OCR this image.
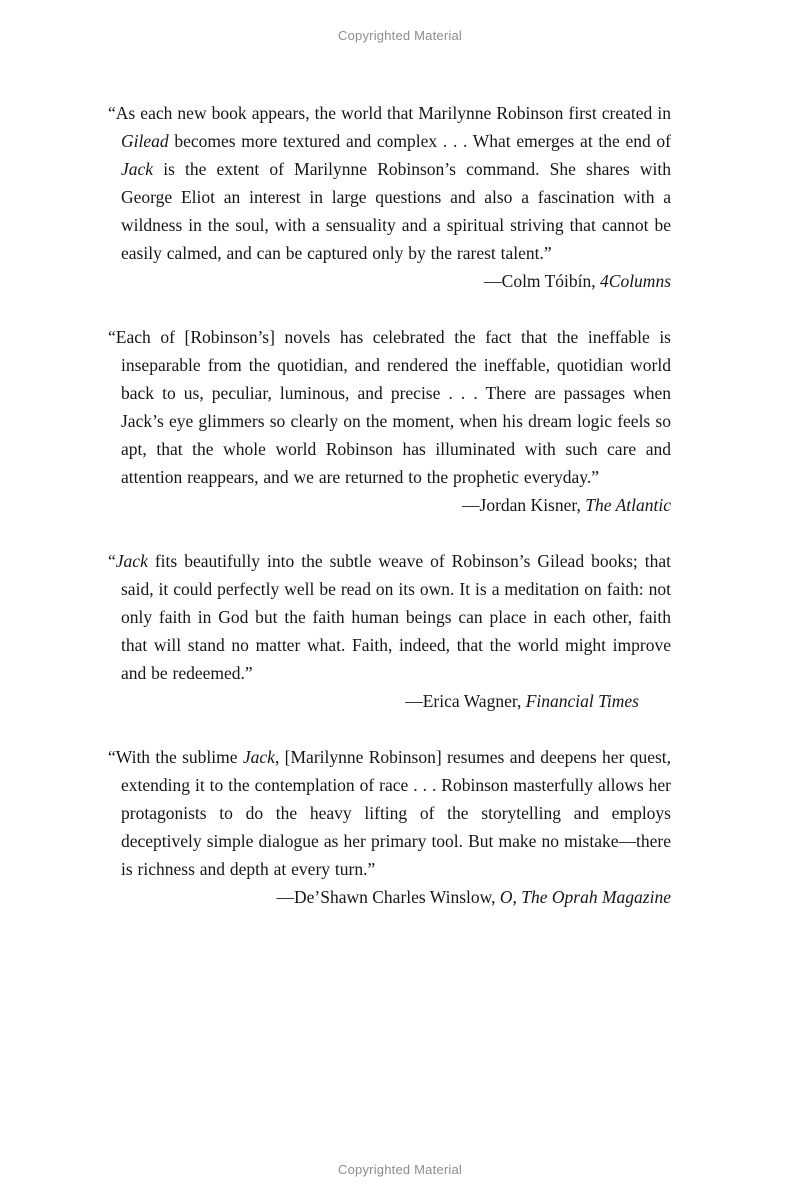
Copyrighted Material

“As each new book appears, the world that Marilynne Robinson first created in Gilead becomes more textured and complex . . . What emerges at the end of Jack is the extent of Marilynne Robinson’s command. She shares with George Eliot an interest in large questions and also a fascination with a wildness in the soul, with a sensuality and a spiritual striving that cannot be easily calmed, and can be captured only by the rarest talent.”

—Colm Tóibín, 4Columns

“Each of [Robinson’s] novels has celebrated the fact that the ineffable is inseparable from the quotidian, and rendered the ineffable, quotidian world back to us, peculiar, luminous, and precise . . . There are passages when Jack’s eye glimmers so clearly on the moment, when his dream logic feels so apt, that the whole world Robinson has illuminated with such care and attention reappears, and we are returned to the prophetic everyday.”

—Jordan Kisner, The Atlantic

“Jack fits beautifully into the subtle weave of Robinson’s Gilead books; that said, it could perfectly well be read on its own. It is a meditation on faith: not only faith in God but the faith human beings can place in each other, faith that will stand no matter what. Faith, indeed, that the world might improve and be redeemed.”

—Erica Wagner, Financial Times

“With the sublime Jack, [Marilynne Robinson] resumes and deepens her quest, extending it to the contemplation of race . . . Robinson masterfully allows her protagonists to do the heavy lifting of the storytelling and employs deceptively simple dialogue as her primary tool. But make no mistake—there is richness and depth at every turn.”

—De’Shawn Charles Winslow, O, The Oprah Magazine

Copyrighted Material
